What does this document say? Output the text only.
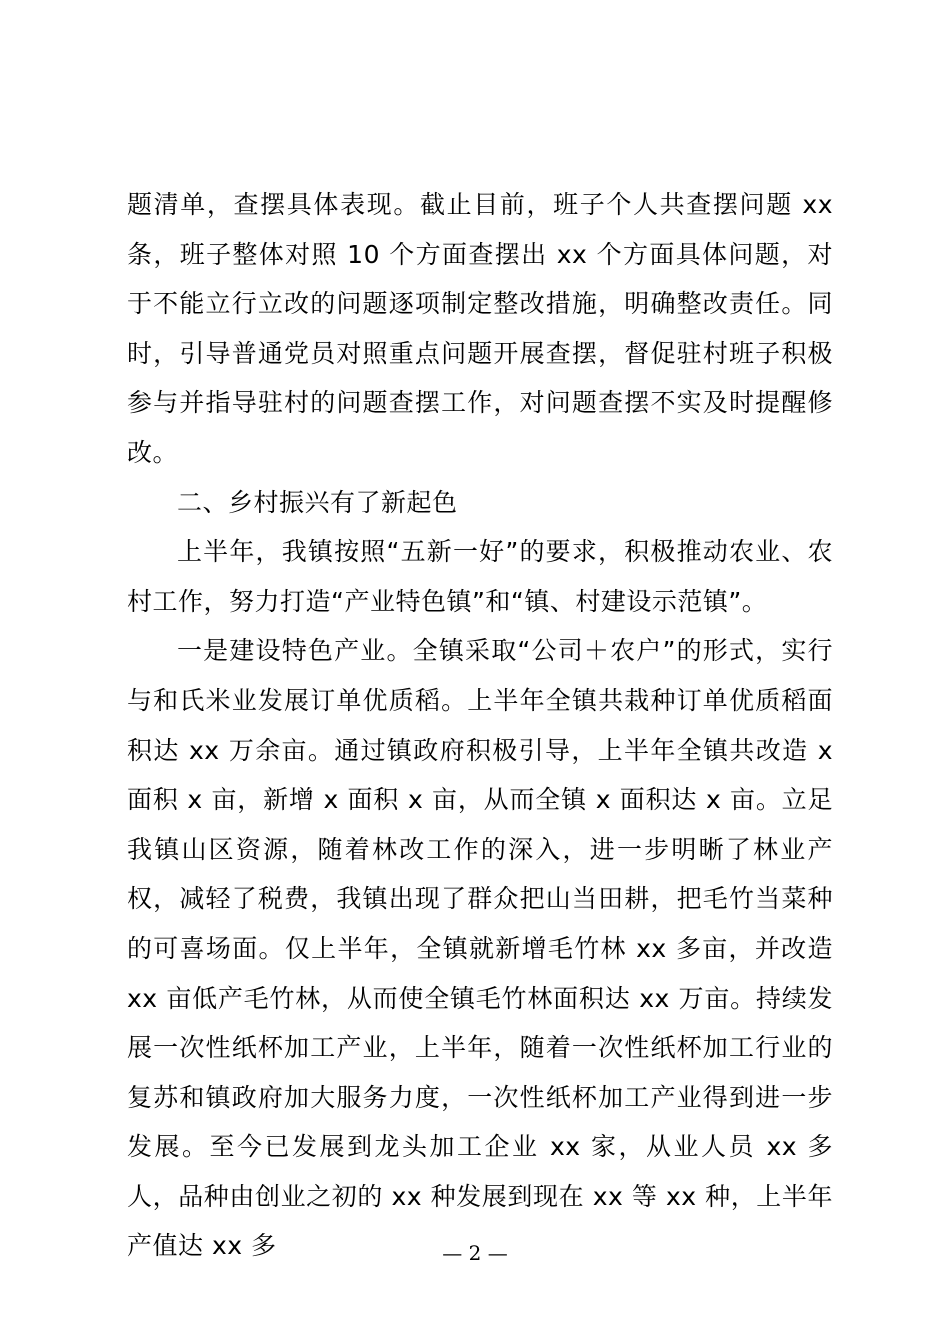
题清单，查摆具体表现。截止目前，班子个人共查摆问题 xx 条，班子整体对照 10 个方面查摆出 xx 个方面具体问题，对于不能立行立改的问题逐项制定整改措施，明确整改责任。同时，引导普通党员对照重点问题开展查摆，督促驻村班子积极参与并指导驻村的问题查摆工作，对问题查摆不实及时提醒修改。

二、乡村振兴有了新起色

上半年，我镇按照“五新一好”的要求，积极推动农业、农村工作，努力打造“产业特色镇”和“镇、村建设示范镇”。

一是建设特色产业。全镇采取“公司＋农户”的形式，实行与和氏米业发展订单优质稻。上半年全镇共栽种订单优质稻面积达 xx 万余亩。通过镇政府积极引导，上半年全镇共改造 x 面积 x 亩，新增 x 面积 x 亩，从而全镇 x 面积达 x 亩。立足我镇山区资源，随着林改工作的深入，进一步明晰了林业产权，减轻了税费，我镇出现了群众把山当田耕，把毛竹当菜种的可喜场面。仅上半年，全镇就新增毛竹林 xx 多亩，并改造 xx 亩低产毛竹林，从而使全镇毛竹林面积达 xx 万亩。持续发展一次性纸杯加工产业，上半年，随着一次性纸杯加工行业的复苏和镇政府加大服务力度，一次性纸杯加工产业得到进一步发展。至今已发展到龙头加工企业 xx 家，从业人员 xx 多人，品种由创业之初的 xx 种发展到现在 xx 等 xx 种，上半年产值达 xx 多	— 2 —
